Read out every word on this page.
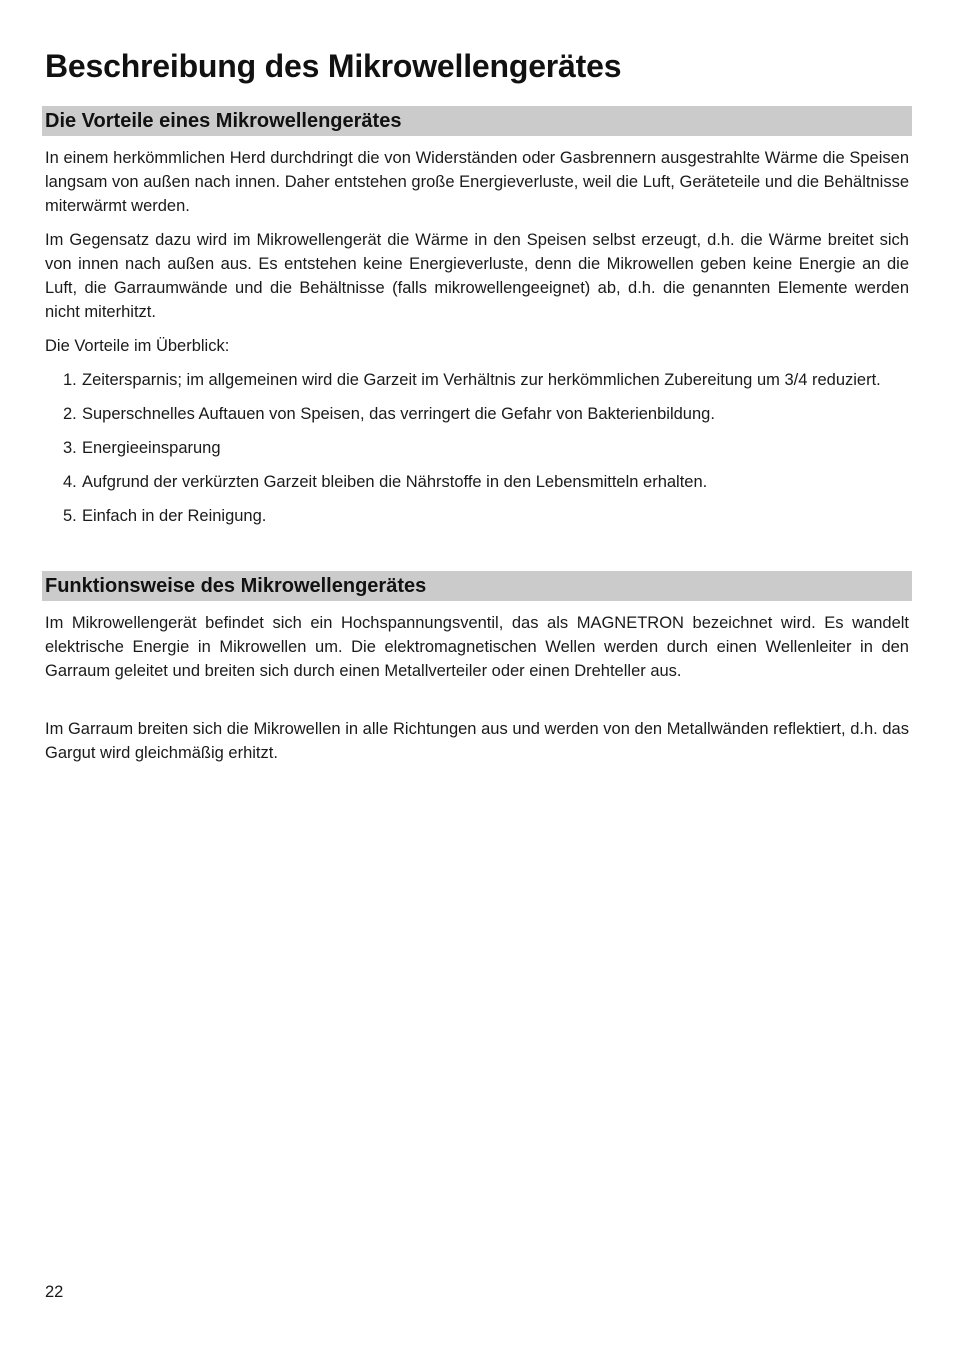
Beschreibung des Mikrowellengerätes
Die Vorteile eines Mikrowellengerätes

In einem herkömmlichen Herd durchdringt die von Widerständen oder Gasbrennern ausgestrahlte Wärme die Speisen langsam von außen nach innen. Daher entstehen große Energieverluste, weil die Luft, Geräteteile und die Behältnisse miterwärmt werden.

Im Gegensatz dazu wird im Mikrowellengerät die Wärme in den Speisen selbst erzeugt, d.h. die Wärme breitet sich von innen nach außen aus. Es entstehen keine Energieverluste, denn die Mikrowellen geben keine Energie an die Luft, die Garraumwände und die Behältnisse (falls mikrowellengeeignet) ab, d.h. die genannten Elemente werden nicht miterhitzt.

Die Vorteile im Überblick:

1. Zeitersparnis; im allgemeinen wird die Garzeit im Verhältnis zur herkömmlichen Zubereitung um 3/4 reduziert.
2. Superschnelles Auftauen von Speisen, das verringert die Gefahr von Bakterienbildung.
3. Energieeinsparung
4. Aufgrund der verkürzten Garzeit bleiben die Nährstoffe in den Lebensmitteln erhalten.
5. Einfach in der Reinigung.
Funktionsweise des Mikrowellengerätes

Im Mikrowellengerät befindet sich ein Hochspannungsventil, das als MAGNETRON bezeichnet wird. Es wandelt elektrische Energie in Mikrowellen um. Die elektromagnetischen Wellen werden durch einen Wellenleiter in den Garraum geleitet und breiten sich durch einen Metallverteiler oder einen Drehteller aus.

Im Garraum breiten sich die Mikrowellen in alle Richtungen aus und werden von den Metallwänden reflektiert, d.h. das Gargut wird gleichmäßig erhitzt.

22
